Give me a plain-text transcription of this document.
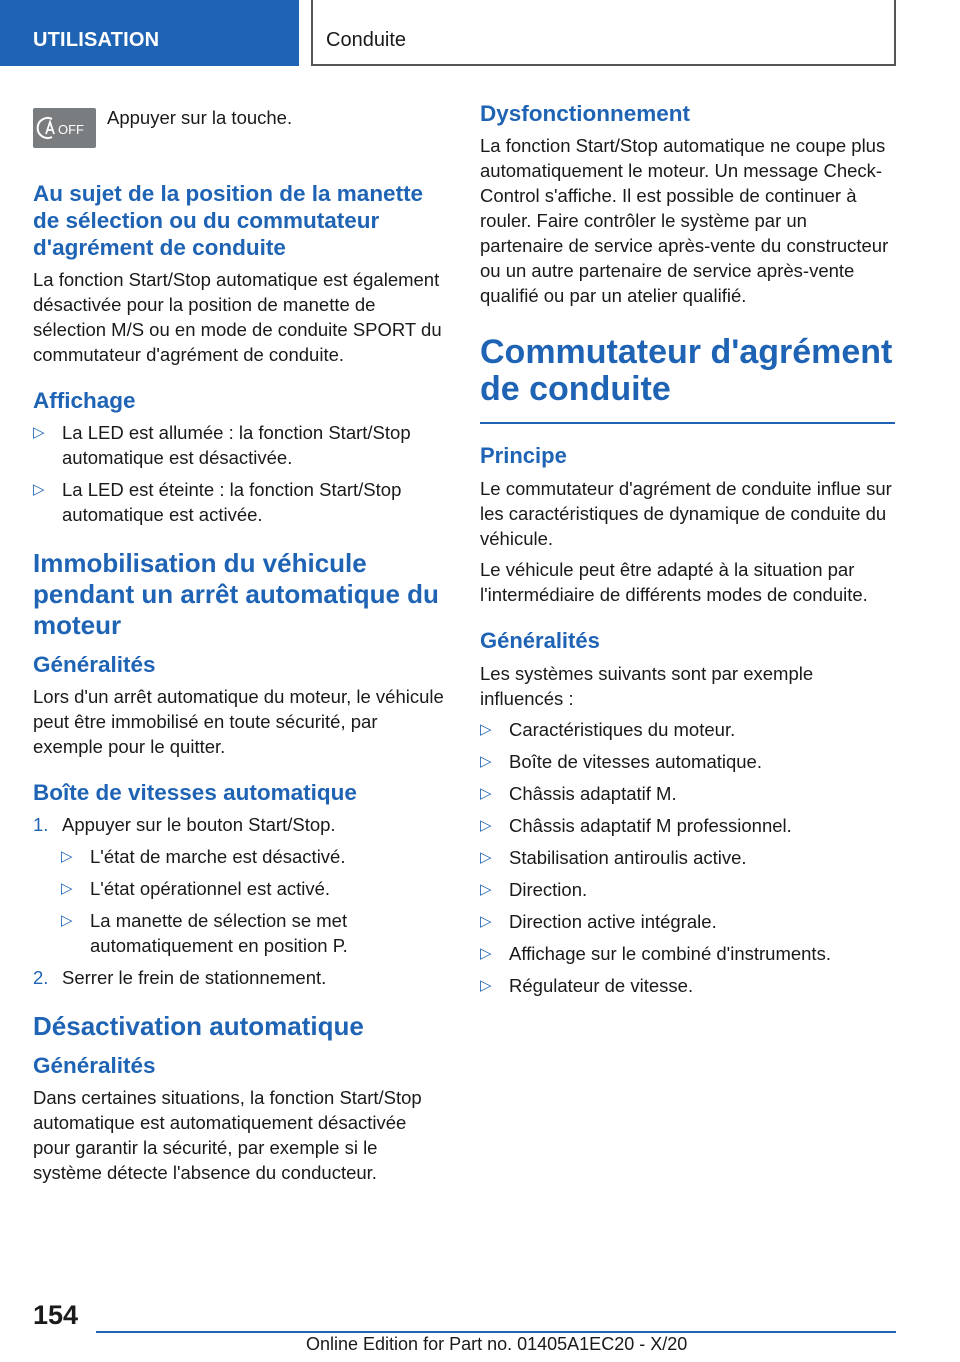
UTILISATION	Conduite
OFF
Appuyer sur la touche.
Au sujet de la position de la manette de sélection ou du commutateur d'agrément de conduite
La fonction Start/Stop automatique est également désactivée pour la position de manette de sélection M/S ou en mode de conduite SPORT du commutateur d'agrément de conduite.
Affichage
▷ La LED est allumée : la fonction Start/Stop automatique est désactivée.
▷ La LED est éteinte : la fonction Start/Stop automatique est activée.
Immobilisation du véhicule pendant un arrêt automatique du moteur
Généralités
Lors d'un arrêt automatique du moteur, le véhicule peut être immobilisé en toute sécurité, par exemple pour le quitter.
Boîte de vitesses automatique
1. Appuyer sur le bouton Start/Stop.
▷ L'état de marche est désactivé.
▷ L'état opérationnel est activé.
▷ La manette de sélection se met automatiquement en position P.
2. Serrer le frein de stationnement.
Désactivation automatique
Généralités
Dans certaines situations, la fonction Start/Stop automatique est automatiquement désactivée pour garantir la sécurité, par exemple si le système détecte l'absence du conducteur.
Dysfonctionnement
La fonction Start/Stop automatique ne coupe plus automatiquement le moteur. Un message Check-Control s'affiche. Il est possible de continuer à rouler. Faire contrôler le système par un partenaire de service après-vente du constructeur ou un autre partenaire de service après-vente qualifié ou par un atelier qualifié.
Commutateur d'agrément de conduite
Principe
Le commutateur d'agrément de conduite influe sur les caractéristiques de dynamique de conduite du véhicule.
Le véhicule peut être adapté à la situation par l'intermédiaire de différents modes de conduite.
Généralités
Les systèmes suivants sont par exemple influencés :
▷ Caractéristiques du moteur.
▷ Boîte de vitesses automatique.
▷ Châssis adaptatif M.
▷ Châssis adaptatif M professionnel.
▷ Stabilisation antiroulis active.
▷ Direction.
▷ Direction active intégrale.
▷ Affichage sur le combiné d'instruments.
▷ Régulateur de vitesse.
154
Online Edition for Part no. 01405A1EC20 - X/20
